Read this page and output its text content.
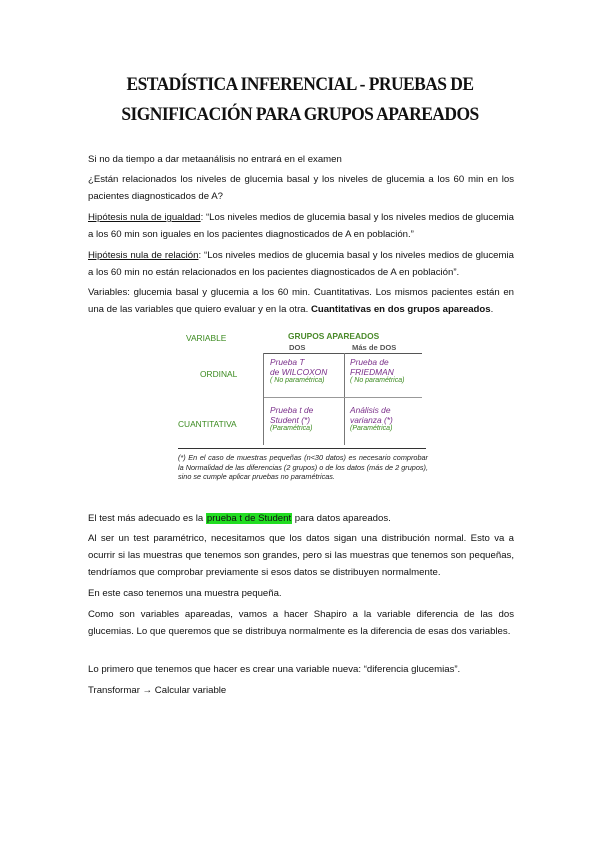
ESTADÍSTICA INFERENCIAL - PRUEBAS DE SIGNIFICACIÓN PARA GRUPOS APAREADOS

Si no da tiempo a dar metaanálisis no entrará en el examen

¿Están relacionados los niveles de glucemia basal y los niveles de glucemia a los 60 min en los pacientes diagnosticados de A?

Hipótesis nula de igualdad: “Los niveles medios de glucemia basal y los niveles medios de glucemia a los 60 min son iguales en los pacientes diagnosticados de A en población.”

Hipótesis nula de relación: “Los niveles medios de glucemia basal y los niveles medios de glucemia a los 60 min no están relacionados en los pacientes diagnosticados de A en población”.

Variables: glucemia basal y glucemia a los 60 min. Cuantitativas. Los mismos pacientes están en una de las variables que quiero evaluar y en la otra. Cuantitativas en dos grupos apareados.

VARIABLE	GRUPOS APAREADOS
DOS	Más de DOS
ORDINAL
CUANTITATIVA
Prueba T
de WILCOXON
( No paramétrica)
Prueba de
FRIEDMAN
( No paramétrica)
Prueba t de
Student (*)
(Paramétrica)
Análisis de
varianza (*)
(Paramétrica)
(*) En el caso de muestras pequeñas (n<30 datos) es necesario comprobar la Normalidad de las diferencias (2 grupos) o de los datos (más de 2 grupos), sino se cumple aplicar pruebas no paramétricas.

El test más adecuado es la prueba t de Student para datos apareados.

Al ser un test paramétrico, necesitamos que los datos sigan una distribución normal. Esto va a ocurrir si las muestras que tenemos son grandes, pero si las muestras que tenemos son pequeñas, tendríamos que comprobar previamente si esos datos se distribuyen normalmente.

En este caso tenemos una muestra pequeña.

Como son variables apareadas, vamos a hacer Shapiro a la variable diferencia de las dos glucemias. Lo que queremos que se distribuya normalmente es la diferencia de esas dos variables.

Lo primero que tenemos que hacer es crear una variable nueva: “diferencia glucemias”.

Transformar → Calcular variable
